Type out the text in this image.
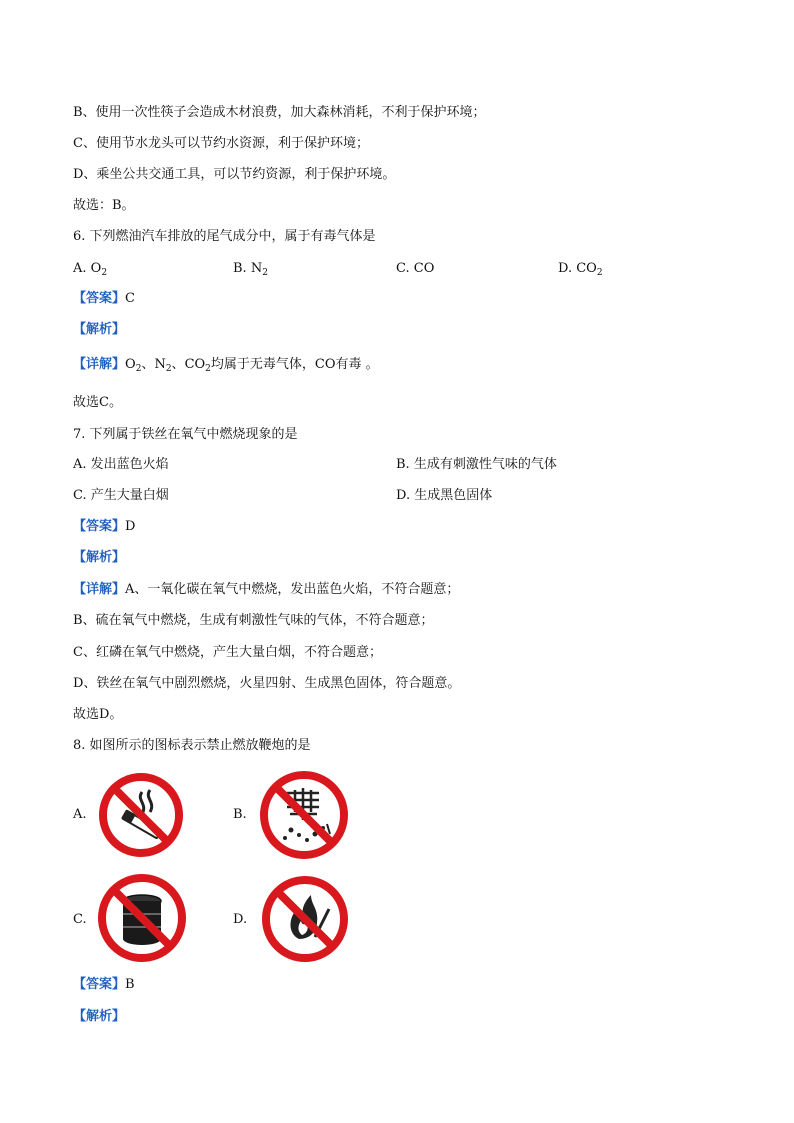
B、使用一次性筷子会造成木材浪费，加大森林消耗，不利于保护环境；
C、使用节水龙头可以节约水资源，利于保护环境；
D、乘坐公共交通工具，可以节约资源，利于保护环境。
故选：B。
6. 下列燃油汽车排放的尾气成分中，属于有毒气体是
A. $O_2$	B. $N_2$	C. CO	D. $CO_2$
【答案】C
【解析】
【详解】$O_2$、$N_2$、$CO_2$均属于无毒气体，CO有毒 。
故选C。
7. 下列属于铁丝在氧气中燃烧现象的是
A. 发出蓝色火焰	B. 生成有刺激性气味的气体
C. 产生大量白烟	D. 生成黑色固体
【答案】D
【解析】
【详解】A、一氧化碳在氧气中燃烧，发出蓝色火焰，不符合题意；
B、硫在氧气中燃烧，生成有刺激性气味的气体，不符合题意；
C、红磷在氧气中燃烧，产生大量白烟，不符合题意；
D、铁丝在氧气中剧烈燃烧，火星四射、生成黑色固体，符合题意。
故选D。
8. 如图所示的图标表示禁止燃放鞭炮的是
A.	B.
C.	D.
【答案】B
【解析】
